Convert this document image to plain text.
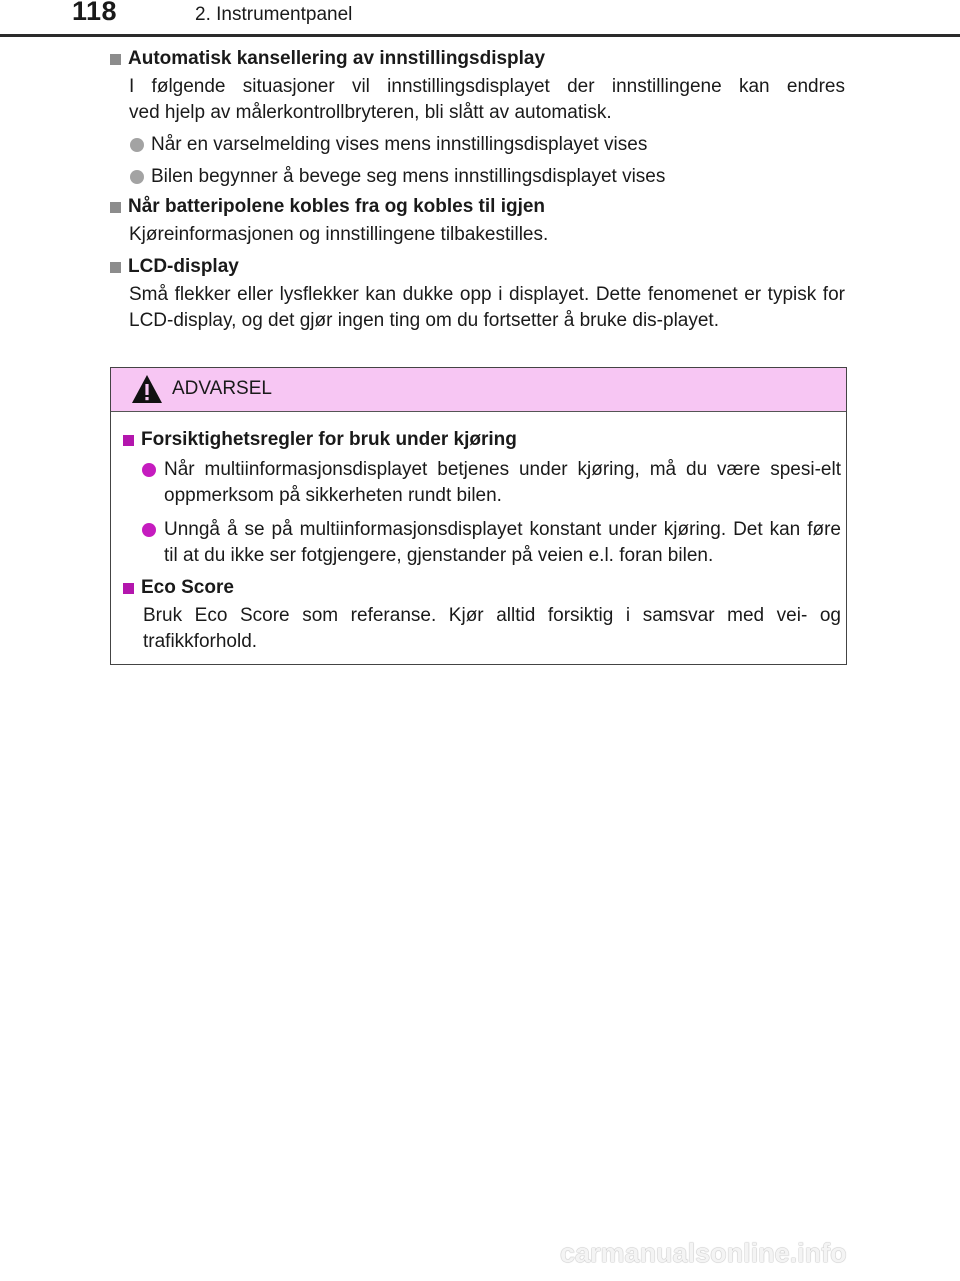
118	2. Instrumentpanel
Automatisk kansellering av innstillingsdisplay

I følgende situasjoner vil innstillingsdisplayet der innstillingene kan endres

ved hjelp av målerkontrollbryteren, bli slått av automatisk.

Når en varselmelding vises mens innstillingsdisplayet vises
Bilen begynner å bevege seg mens innstillingsdisplayet vises
Når batteripolene kobles fra og kobles til igjen

Kjøreinformasjonen og innstillingene tilbakestilles.

LCD-display

Små flekker eller lysflekker kan dukke opp i displayet. Dette fenomenet er typisk for LCD-display, og det gjør ingen ting om du fortsetter å bruke dis-playet.

ADVARSEL
Forsiktighetsregler for bruk under kjøring
Når multiinformasjonsdisplayet betjenes under kjøring, må du være spesi-elt oppmerksom på sikkerheten rundt bilen.
Unngå å se på multiinformasjonsdisplayet konstant under kjøring. Det kan føre til at du ikke ser fotgjengere, gjenstander på veien e.l. foran bilen.
Eco Score

Bruk Eco Score som referanse. Kjør alltid forsiktig i samsvar med vei- og trafikkforhold.

carmanualsonline.info
